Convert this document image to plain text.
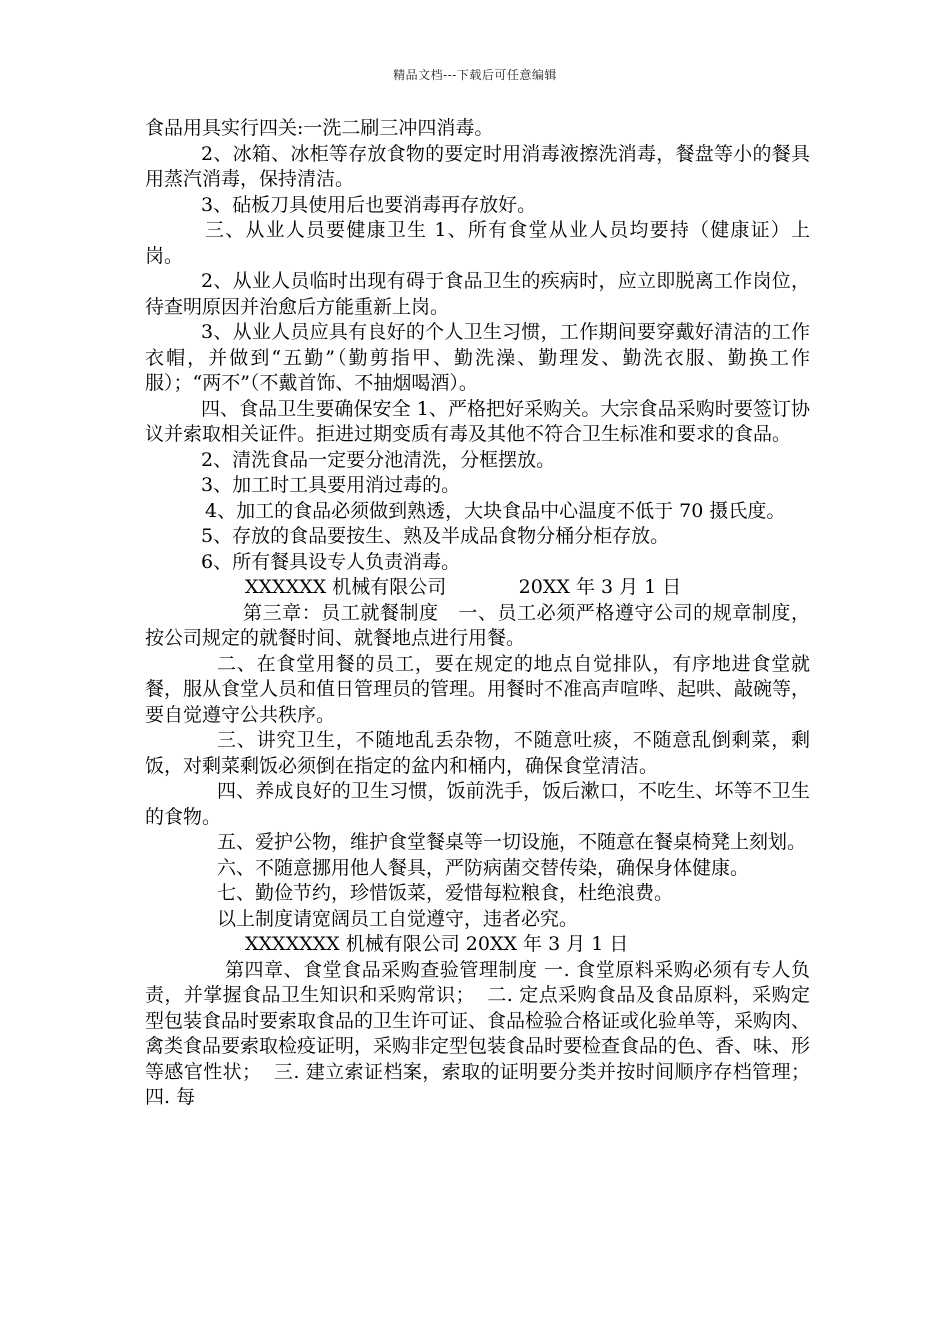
精品文档---下载后可任意编辑

食品用具实行四关:一洗二刷三冲四消毒。

2、冰箱、冰柜等存放食物的要定时用消毒液擦洗消毒，餐盘等小的餐具用蒸汽消毒，保持清洁。

3、砧板刀具使用后也要消毒再存放好。

三、从业人员要健康卫生 1、所有食堂从业人员均要持（健康证）上岗。

2、从业人员临时出现有碍于食品卫生的疾病时，应立即脱离工作岗位，待查明原因并治愈后方能重新上岗。

3、从业人员应具有良好的个人卫生习惯，工作期间要穿戴好清洁的工作衣帽，并做到“五勤”（勤剪指甲、勤洗澡、勤理发、勤洗衣服、勤换工作服）；“两不”（不戴首饰、不抽烟喝酒）。

四、食品卫生要确保安全 1、严格把好采购关。大宗食品采购时要签订协议并索取相关证件。拒进过期变质有毒及其他不符合卫生标准和要求的食品。

2、清洗食品一定要分池清洗，分框摆放。

3、加工时工具要用消过毒的。

4、加工的食品必须做到熟透，大块食品中心温度不低于 70 摄氏度。

5、存放的食品要按生、熟及半成品食物分桶分柜存放。

6、所有餐具设专人负责消毒。

XXXXXX 机械有限公司            20XX 年 3 月 1 日

第三章：员工就餐制度   一、员工必须严格遵守公司的规章制度，按公司规定的就餐时间、就餐地点进行用餐。

二、在食堂用餐的员工，要在规定的地点自觉排队，有序地进食堂就餐，服从食堂人员和值日管理员的管理。用餐时不准高声喧哗、起哄、敲碗等，要自觉遵守公共秩序。

三、讲究卫生，不随地乱丢杂物，不随意吐痰，不随意乱倒剩菜，剩饭，对剩菜剩饭必须倒在指定的盆内和桶内，确保食堂清洁。

四、养成良好的卫生习惯，饭前洗手，饭后漱口，不吃生、坏等不卫生的食物。

五、爱护公物，维护食堂餐桌等一切设施，不随意在餐桌椅凳上刻划。

六、不随意挪用他人餐具，严防病菌交替传染，确保身体健康。

七、勤俭节约，珍惜饭菜，爱惜每粒粮食，杜绝浪费。

以上制度请宽阔员工自觉遵守，违者必究。

XXXXXXX 机械有限公司 20XX 年 3 月 1 日

第四章、食堂食品采购查验管理制度 一. 食堂原料采购必须有专人负责，并掌握食品卫生知识和采购常识；  二. 定点采购食品及食品原料，采购定型包装食品时要索取食品的卫生许可证、食品检验合格证或化验单等，采购肉、禽类食品要索取检疫证明，采购非定型包装食品时要检查食品的色、香、味、形等感官性状；  三. 建立索证档案，索取的证明要分类并按时间顺序存档管理；  四. 每
